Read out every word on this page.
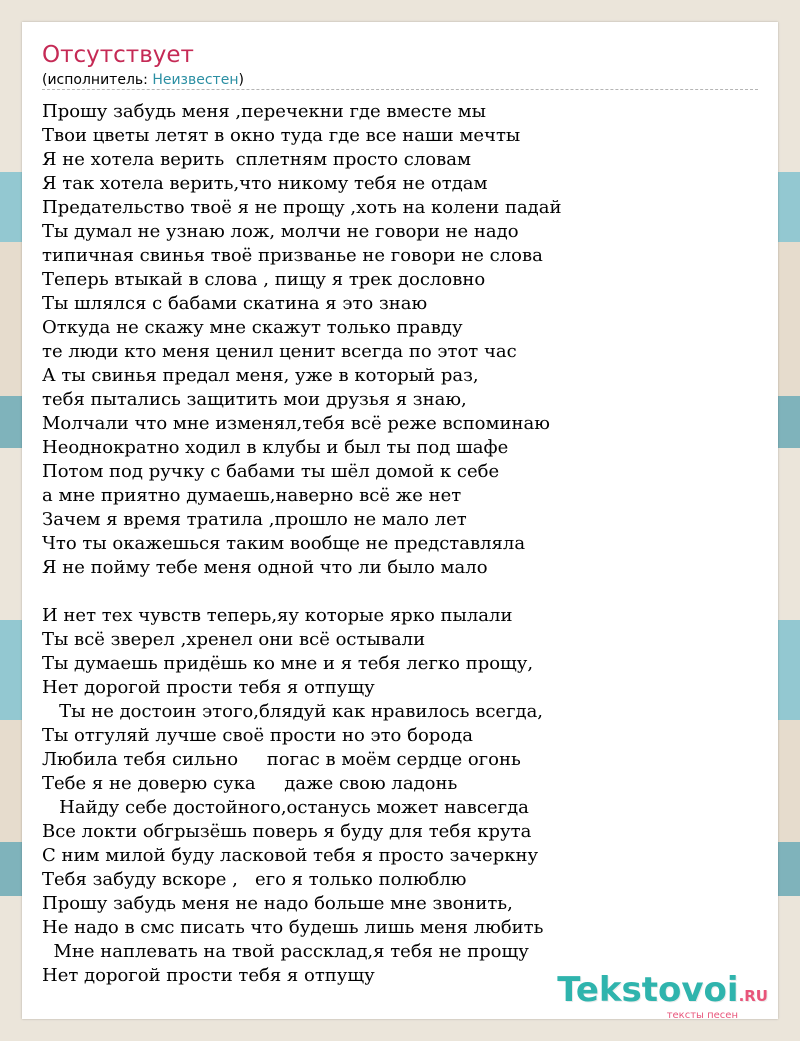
Отсутствует
(исполнитель: Неизвестен)
Прошу забудь меня ,перечекни где вместе мы
Твои цветы летят в окно туда где все наши мечты
Я не хотела верить  сплетням просто словам
Я так хотела верить,что никому тебя не отдам
Предательство твоё я не прощу ,хоть на колени падай
Ты думал не узнаю лож, молчи не говори не надо
типичная свинья твоё призванье не говори не слова
Теперь втыкай в слова , пищу я трек дословно
Ты шлялся с бабами скатина я это знаю
Откуда не скажу мне скажут только правду
те люди кто меня ценил ценит всегда по этот час
А ты свинья предал меня, уже в который раз,
тебя пытались защитить мои друзья я знаю,
Молчали что мне изменял,тебя всё реже вспоминаю
Неоднократно ходил в клубы и был ты под шафе
Потом под ручку с бабами ты шёл домой к себе
а мне приятно думаешь,наверно всё же нет
Зачем я время тратила ,прошло не мало лет
Что ты окажешься таким вообще не представляла
Я не пойму тебе меня одной что ли было мало

И нет тех чувств теперь,яу которые ярко пылали
Ты всё зверел ,хренел они всё остывали
Ты думаешь придёшь ко мне и я тебя легко прощу,
Нет дорогой прости тебя я отпущу
Ты не достоин этого,блядуй как нравилось всегда,
Ты отгуляй лучше своё прости но это борода
Любила тебя сильно     погас в моём сердце огонь
Тебе я не доверю сука     даже свою ладонь
Найду себе достойного,останусь может навсегда
Все локти обгрызёшь поверь я буду для тебя крута
С ним милой буду ласковой тебя я просто зачеркну
Тебя забуду вскоре ,   его я только полюблю
Прошу забудь меня не надо больше мне звонить,
Не надо в смс писать что будешь лишь меня любить
Мне наплевать на твой расcклад,я тебя не прощу
Нет дорогой прости тебя я отпущу	Tekstovoi.RU
тексты песен
